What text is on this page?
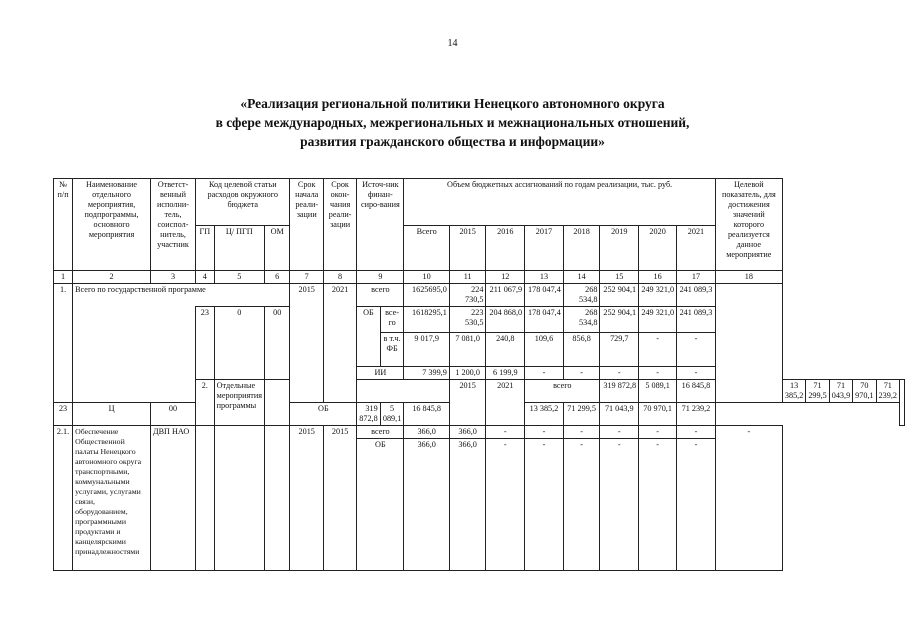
14
«Реализация региональной политики Ненецкого автономного округа
в сфере международных, межрегиональных и межнациональных отношений,
развития гражданского общества и информации»
№ п/п	Наименование отдельного мероприятия, подпрограммы, основного мероприятия	Ответст-венный исполни-тель, соиспол-нитель, участник	Код целевой статьи расходов окружного бюджета			Срок начала реали-зации	Срок окон-чания реали-зации	Источ-ник финан-сиро-вания		Объем бюджетных ассигнований по годам реализации, тыс. руб.								Целевой показатель, для достижения значений которого реализуется данное мероприятие						
			ГП	Ц/ ПГП	ОМ					Всего	2015	2016	2017	2018	2019	2020	2021							
1	2	3	4	5	6	7	8	9		10	11	12	13	14	15	16	17	18						
1.	Всего по государственной программе					2015	2021	всего		1625695,0	224 730,5	211 067,9	178 047,4	268 534,8	252 904,1	249 321,0	241 089,3							
			23	0	00			ОБ	все-го	1618295,1	223 530,5	204 868,0	178 047,4	268 534,8	252 904,1	249 321,0	241 089,3							
									в т.ч. ФБ	9 017,9	7 081,0	240,8	109,6	856,8	729,7	-	-							
								ИИ		7 399,9	1 200,0	6 199,9	-	-	-	-	-							
			2.	Отдельные мероприятия программы							2015	2021	всего		319 872,8	5 089,1	16 845,8		13 385,2	71 299,5	71 043,9	70 970,1	71 239,2	
23	Ц	00				ОБ		319 872,8	5 089,1	16 845,8			13 385,2	71 299,5	71 043,9	70 970,1	71 239,2							
2.1.	Обеспечение Общественной палаты Ненецкого автономного округа транспортными, коммунальными услугами, услугами связи, оборудованием, программными продуктами и канцелярскими принадлежностями	ДВП НАО				2015	2015	всего		366,0	366,0	-	-	-	-	-	-	-						
								ОБ		366,0	366,0	-	-	-	-	-	-							
